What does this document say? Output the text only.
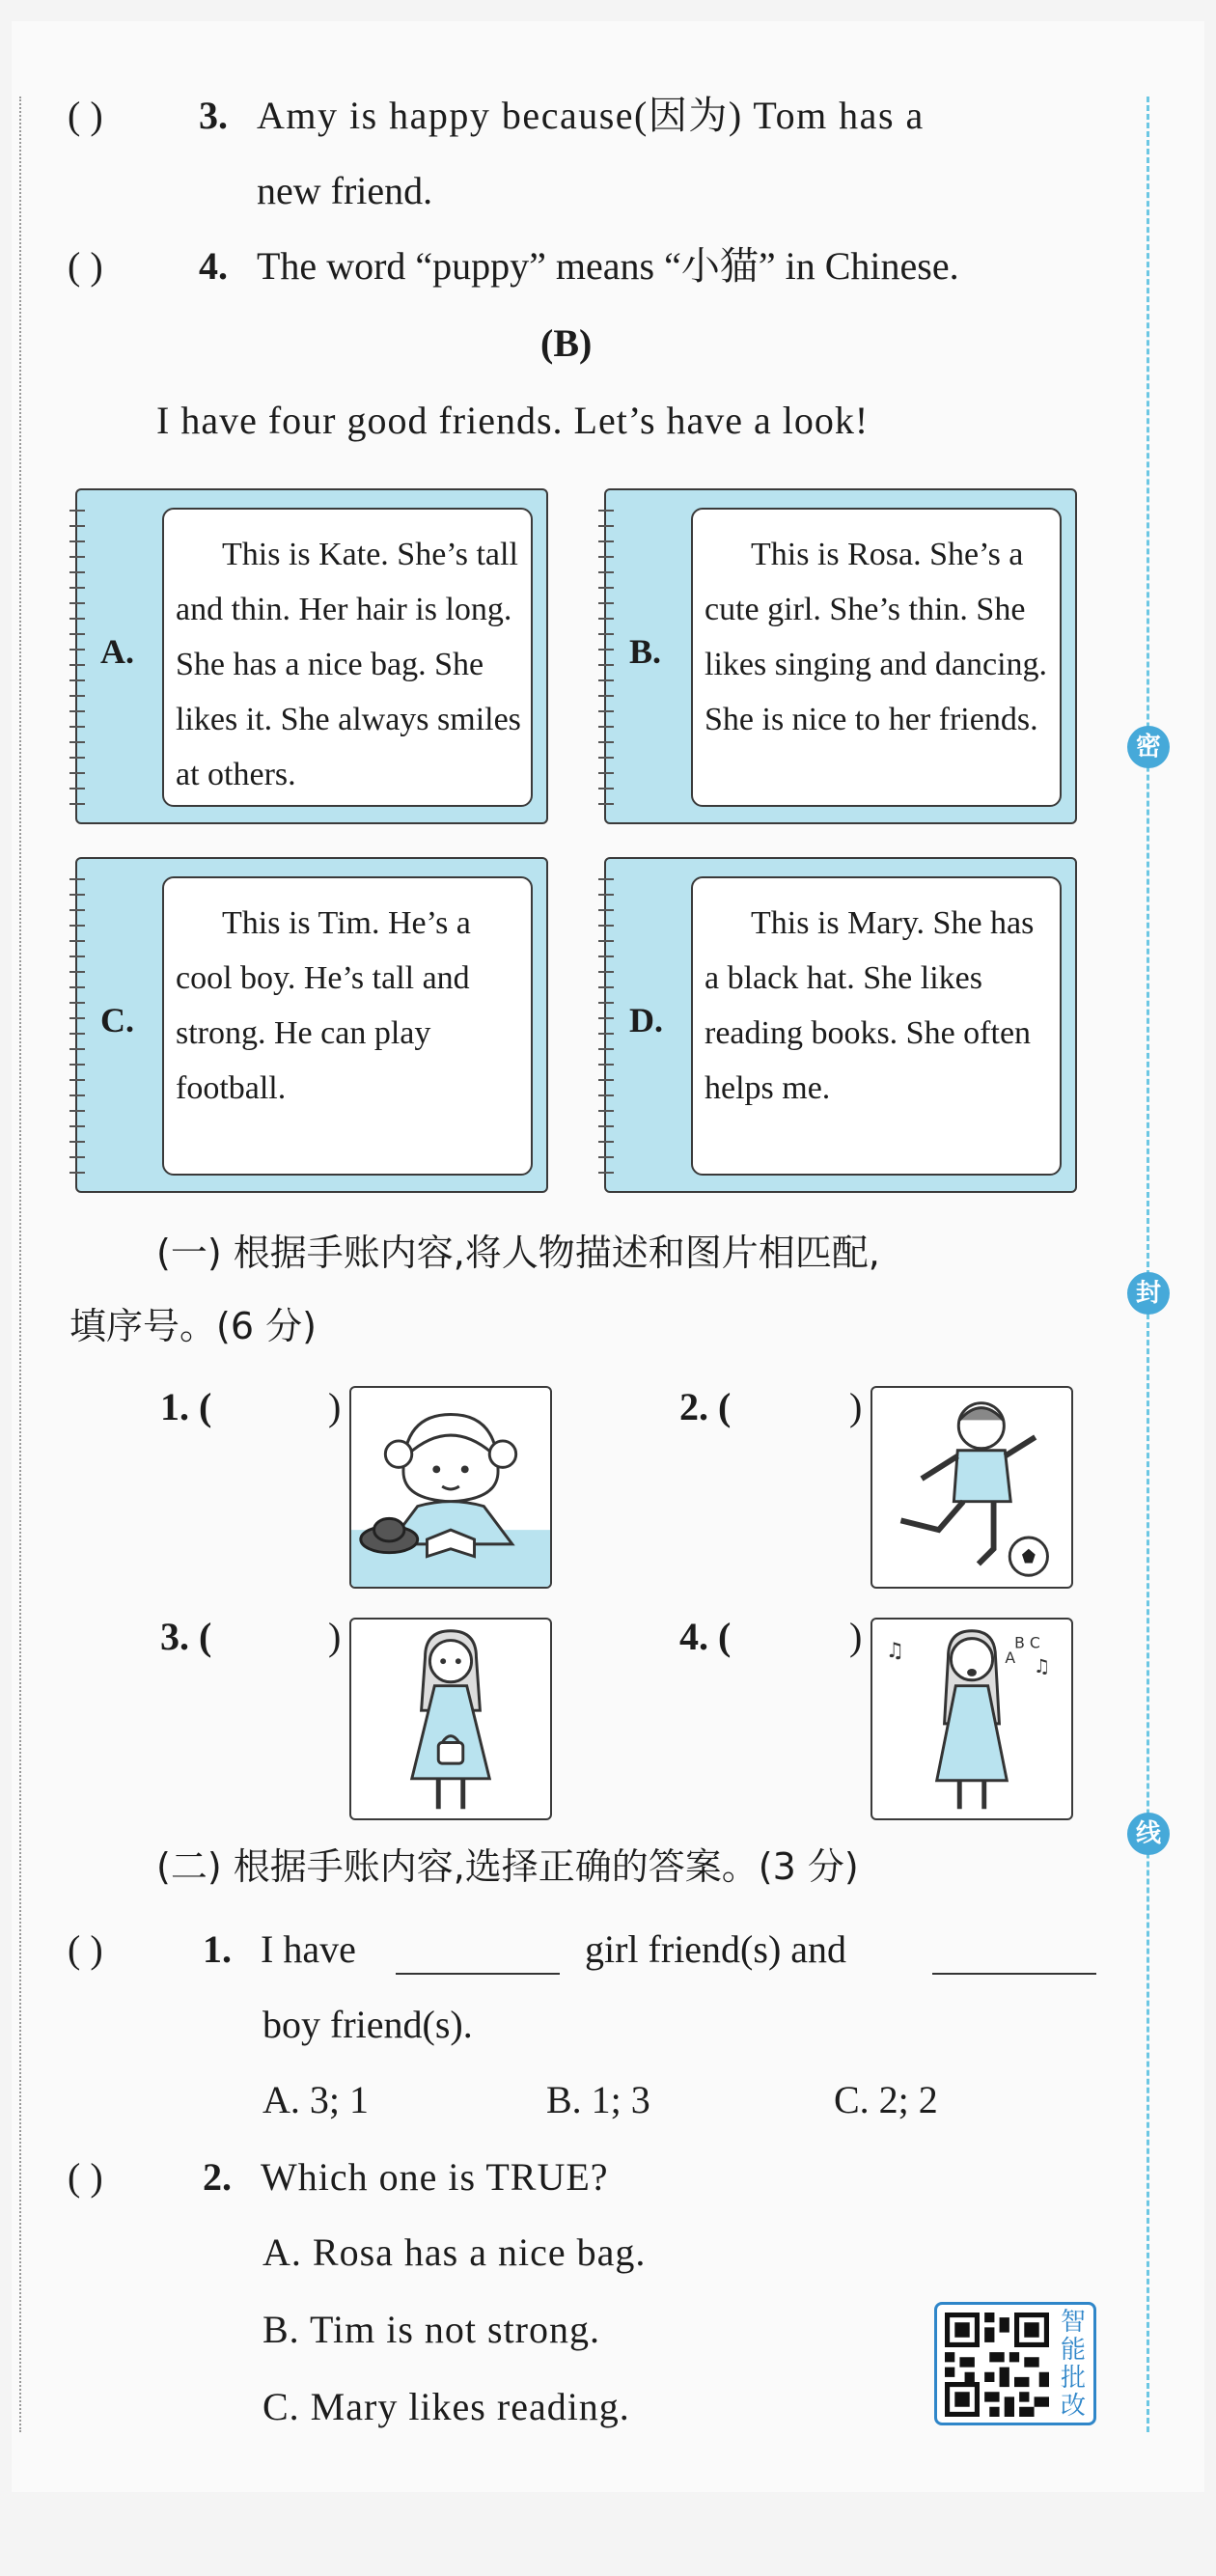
密
封
线
( ) 3. Amy is happy because(因为) Tom has a
new friend.
( ) 4. The word “puppy” means “小猫” in Chinese.
(B)
I have four good friends. Let’s have a look!
A.

This is Kate. She’s tall and thin. Her hair is long. She has a nice bag. She likes it. She always smiles at others.

B.

This is Rosa. She’s a cute girl. She’s thin. She likes singing and dancing. She is nice to her friends.

C.

This is Tim. He’s a cool boy. He’s tall and strong. He can play football.

D.

This is Mary. She has a black hat. She likes reading books. She often helps me.

(一) 根据手账内容,将人物描述和图片相匹配,
填序号。(6 分)
1. (	)	2. (	)
3. (	)	4. (	) ♫	B C
A ♫
(二) 根据手账内容,选择正确的答案。(3 分)
( )	1. I have	girl friend(s) and
boy friend(s).
A. 3; 1	B. 1; 3	C. 2; 2
( )	2. Which one is TRUE?
A. Rosa has a nice bag.
B. Tim is not strong.
C. Mary likes reading.
智能批改
